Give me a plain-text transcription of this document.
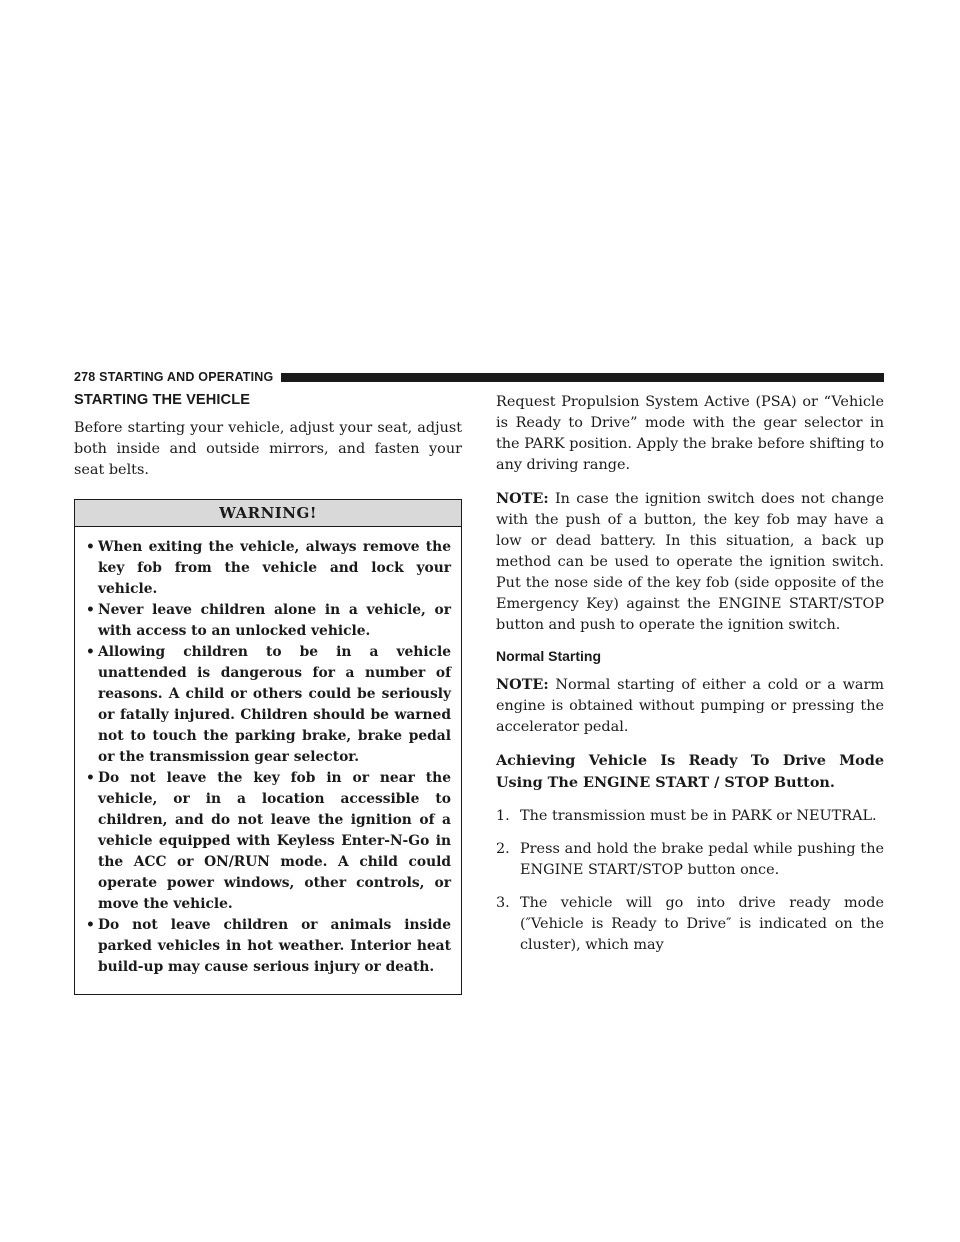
278 STARTING AND OPERATING
STARTING THE VEHICLE

Before starting your vehicle, adjust your seat, adjust both inside and outside mirrors, and fasten your seat belts.

WARNING!
• When exiting the vehicle, always remove the key fob from the vehicle and lock your vehicle.
• Never leave children alone in a vehicle, or with access to an unlocked vehicle.
• Allowing children to be in a vehicle unattended is dangerous for a number of reasons. A child or others could be seriously or fatally injured. Children should be warned not to touch the parking brake, brake pedal or the transmission gear selector.
• Do not leave the key fob in or near the vehicle, or in a location accessible to children, and do not leave the ignition of a vehicle equipped with Keyless Enter-N-Go in the ACC or ON/RUN mode. A child could operate power windows, other controls, or move the vehicle.
• Do not leave children or animals inside parked vehicles in hot weather. Interior heat build-up may cause serious injury or death.

Request Propulsion System Active (PSA) or “Vehicle is Ready to Drive” mode with the gear selector in the PARK position. Apply the brake before shifting to any driving range.

NOTE: In case the ignition switch does not change with the push of a button, the key fob may have a low or dead battery. In this situation, a back up method can be used to operate the ignition switch. Put the nose side of the key fob (side opposite of the Emergency Key) against the ENGINE START/STOP button and push to operate the ignition switch.

Normal Starting

NOTE: Normal starting of either a cold or a warm engine is obtained without pumping or pressing the accelerator pedal.

Achieving Vehicle Is Ready To Drive Mode Using The ENGINE START / STOP Button.

1. The transmission must be in PARK or NEUTRAL.
2. Press and hold the brake pedal while pushing the ENGINE START/STOP button once.
3. The vehicle will go into drive ready mode (″Vehicle is Ready to Drive″ is indicated on the cluster), which may
